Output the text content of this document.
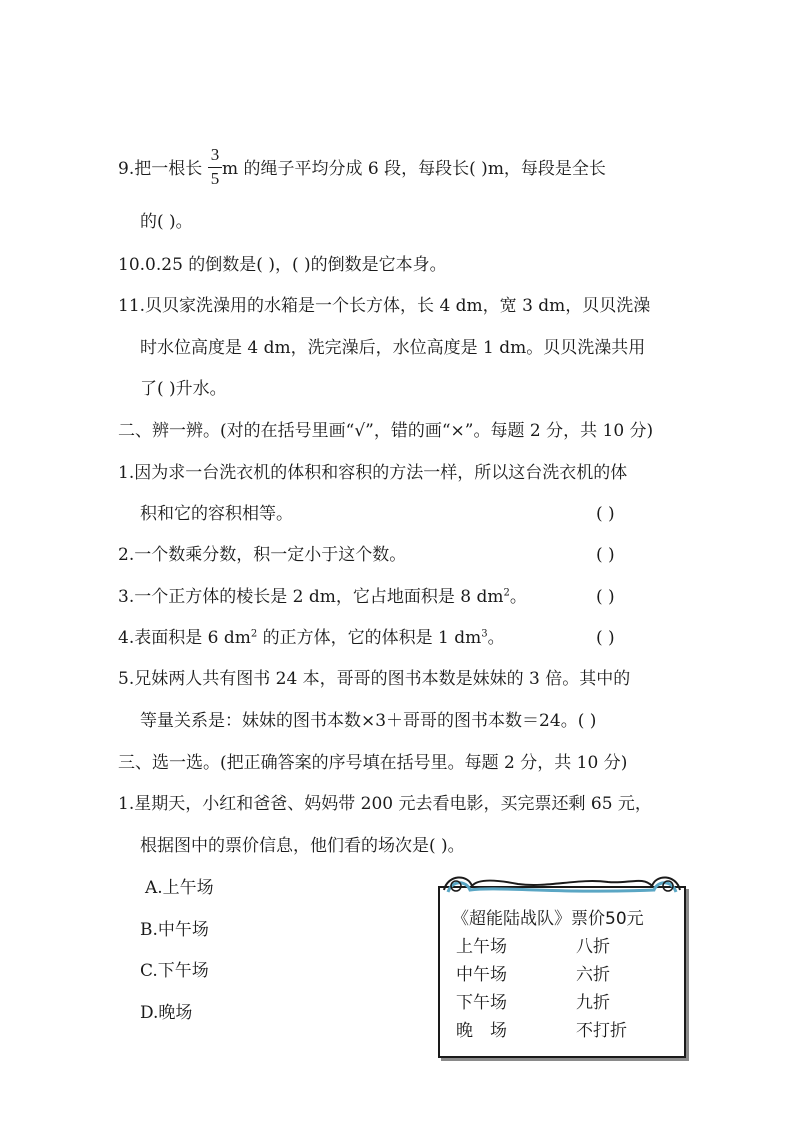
9.把一根长
3
5 m 的绳子平均分成 6 段，每段长( )m，每段是全长
的( )。
10.0.25 的倒数是( )，( )的倒数是它本身。
11.贝贝家洗澡用的水箱是一个长方体，长 4 dm，宽 3 dm，贝贝洗澡
时水位高度是 4 dm，洗完澡后，水位高度是 1 dm。贝贝洗澡共用
了( )升水。
二、辨一辨。(对的在括号里画“√”，错的画“×”。每题 2 分，共 10 分)
1.因为求一台洗衣机的体积和容积的方法一样，所以这台洗衣机的体
积和它的容积相等。	( )
2.一个数乘分数，积一定小于这个数。	( )
3.一个正方体的棱长是 2 dm，它占地面积是 8 $dm^2$。	( )
4.表面积是 6 $dm^2$ 的正方体，它的体积是 1 $dm^3$。	( )
5.兄妹两人共有图书 24 本，哥哥的图书本数是妹妹的 3 倍。其中的
等量关系是：妹妹的图书本数×3＋哥哥的图书本数＝24。( )
三、选一选。(把正确答案的序号填在括号里。每题 2 分，共 10 分)
1.星期天，小红和爸爸、妈妈带 200 元去看电影，买完票还剩 65 元，
根据图中的票价信息，他们看的场次是( )。
A.上午场
B.中午场
C.下午场
D.晚场
《超能陆战队》票价50元
上午场	八折
中午场	六折
下午场	九折
晚　场	不打折
